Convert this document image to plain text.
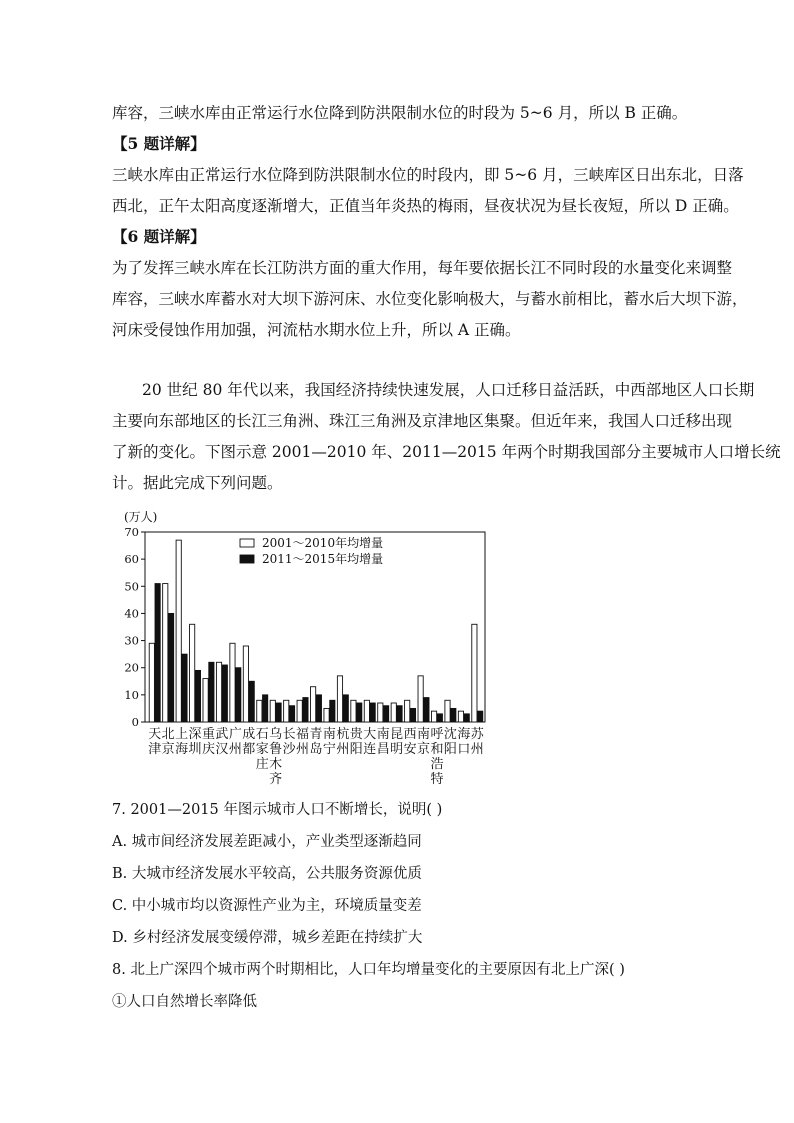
库容，三峡水库由正常运行水位降到防洪限制水位的时段为 5~6 月，所以 B 正确。
【5 题详解】
三峡水库由正常运行水位降到防洪限制水位的时段内，即 5~6 月，三峡库区日出东北，日落
西北，正午太阳高度逐渐增大，正值当年炎热的梅雨，昼夜状况为昼长夜短，所以 D 正确。
【6 题详解】
为了发挥三峡水库在长江防洪方面的重大作用，每年要依据长江不同时段的水量变化来调整
库容，三峡水库蓄水对大坝下游河床、水位变化影响极大，与蓄水前相比，蓄水后大坝下游，
河床受侵蚀作用加强，河流枯水期水位上升，所以 A 正确。
20 世纪 80 年代以来，我国经济持续快速发展，人口迁移日益活跃，中西部地区人口长期
主要向东部地区的长江三角洲、珠江三角洲及京津地区集聚。但近年来，我国人口迁移出现
了新的变化。下图示意 2001—2010 年、2011—2015 年两个时期我国部分主要城市人口增长统
计。据此完成下列问题。
(万人)
0
10
20
30
40
50
60
70
天津
北京
上海
深圳
重庆
武汉
广州
成都
石家庄
乌鲁木齐
长沙
福州
青岛
南宁
杭州
贵阳
大连
南昌
昆明
西安
南京
呼和浩特
沈阳
海口
苏州
2001～2010年均增量
2011～2015年均增量
7. 2001—2015 年图示城市人口不断增长，说明( )
A. 城市间经济发展差距减小，产业类型逐渐趋同
B. 大城市经济发展水平较高，公共服务资源优质
C. 中小城市均以资源性产业为主，环境质量变差
D. 乡村经济发展变缓停滞，城乡差距在持续扩大
8. 北上广深四个城市两个时期相比，人口年均增量变化的主要原因有北上广深( )
①人口自然增长率降低
